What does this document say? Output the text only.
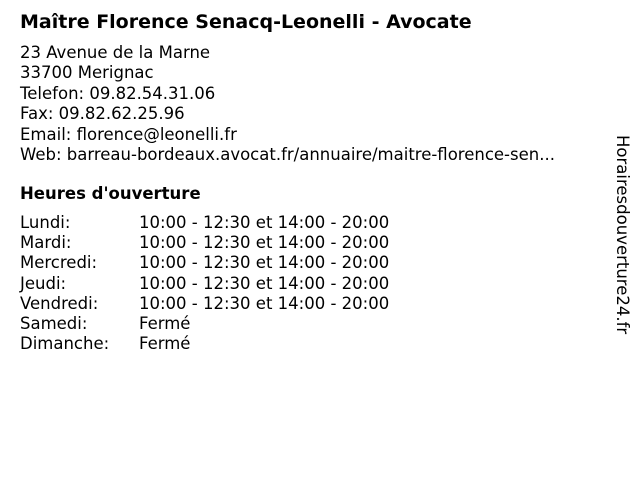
Maître Florence Senacq-Leonelli - Avocate
23 Avenue de la Marne
33700 Merignac
Telefon: 09.82.54.31.06
Fax: 09.82.62.25.96
Email: florence@leonelli.fr
Web: barreau-bordeaux.avocat.fr/annuaire/maitre-florence-sen...
Heures d'ouverture
Lundi:	10:00 - 12:30 et 14:00 - 20:00
Mardi:	10:00 - 12:30 et 14:00 - 20:00
Mercredi:	10:00 - 12:30 et 14:00 - 20:00
Jeudi:	10:00 - 12:30 et 14:00 - 20:00
Vendredi:	10:00 - 12:30 et 14:00 - 20:00
Samedi:	Fermé
Dimanche:	Fermé
Horairesdouverture24.fr
